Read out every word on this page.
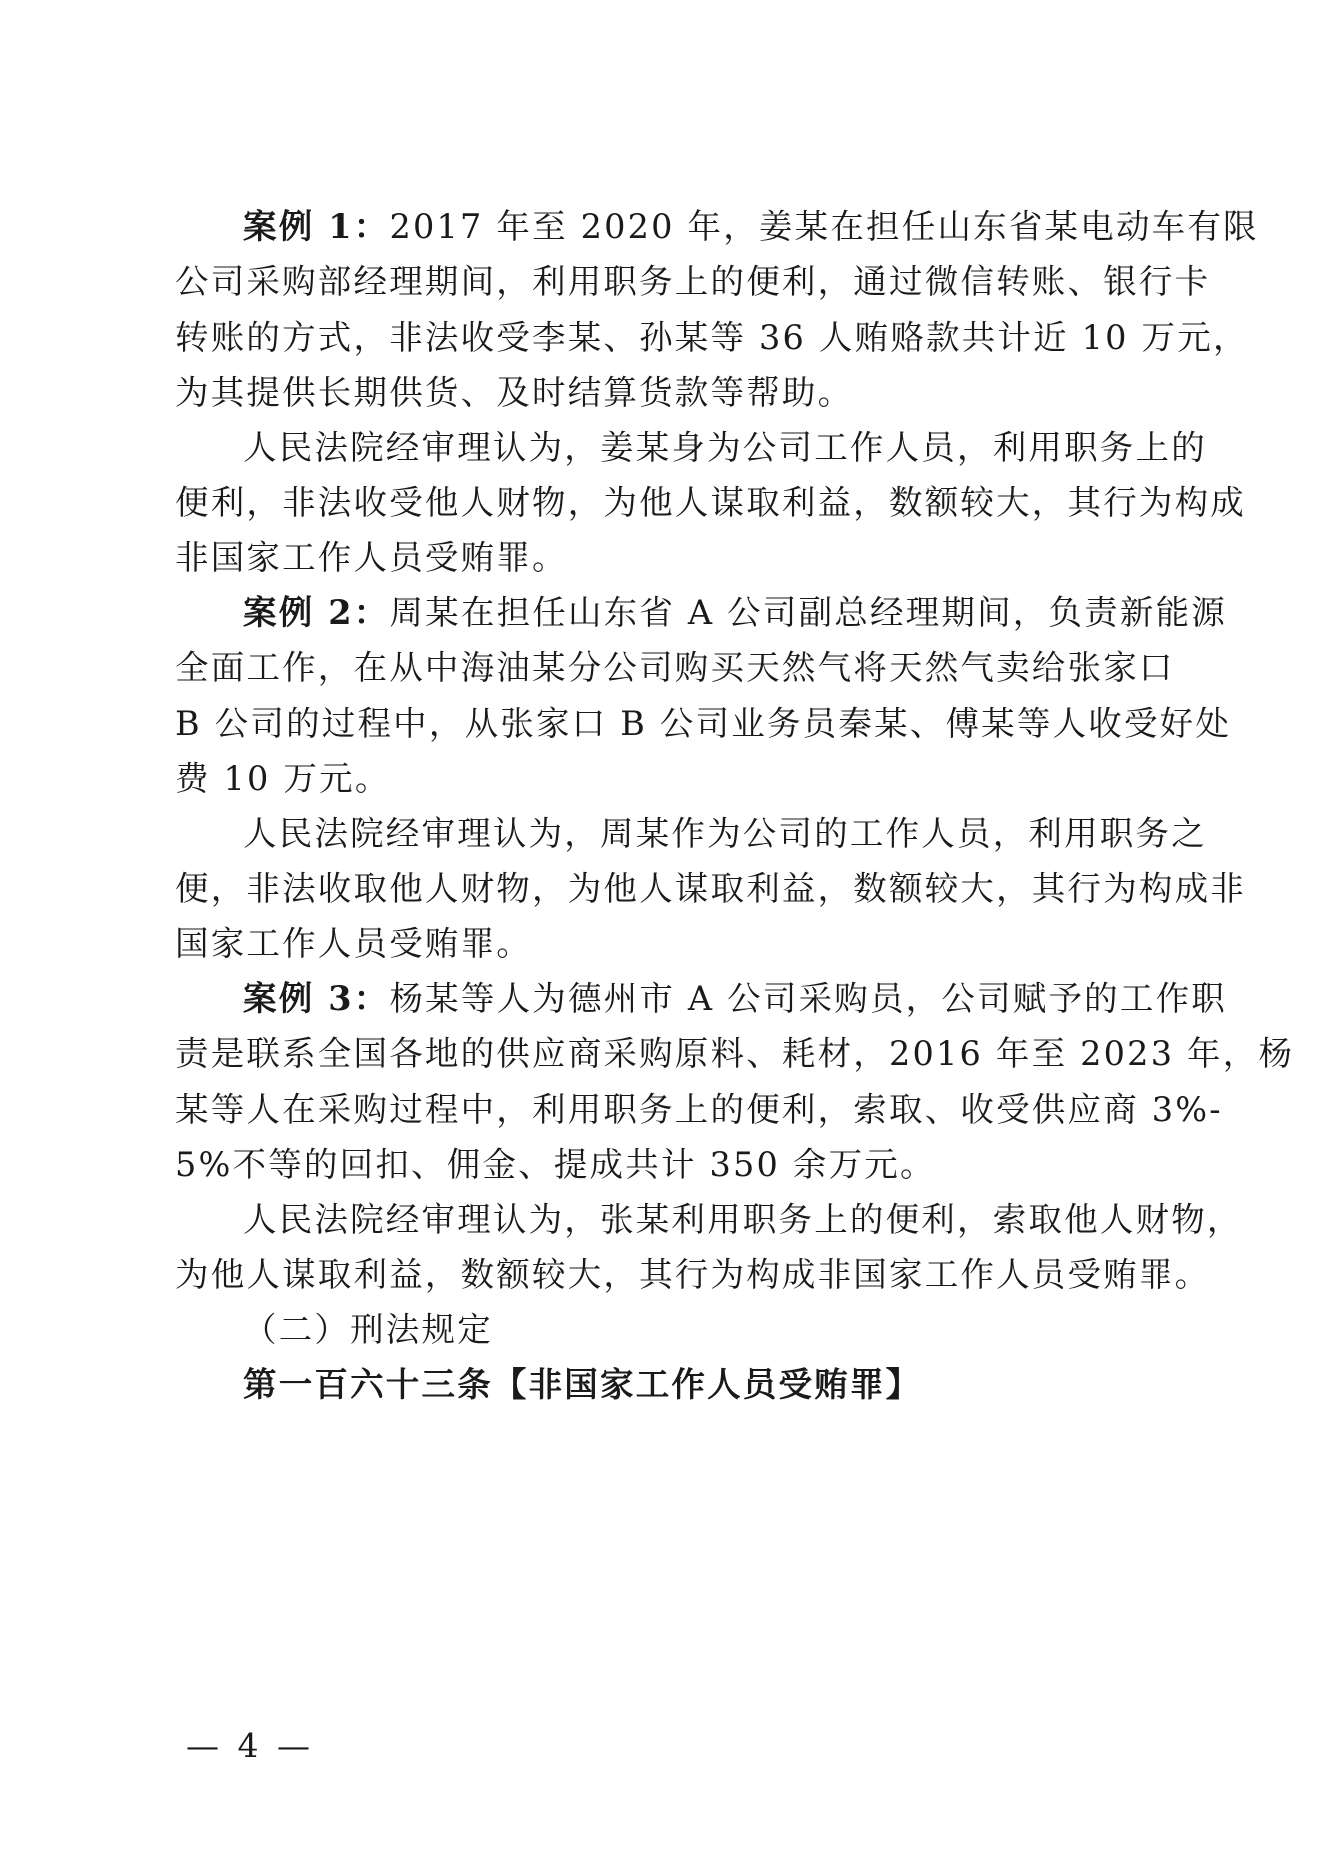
案例 1：2017 年至 2020 年，姜某在担任山东省某电动车有限
公司采购部经理期间，利用职务上的便利，通过微信转账、银行卡
转账的方式，非法收受李某、孙某等 36 人贿赂款共计近 10 万元，
为其提供长期供货、及时结算货款等帮助。
人民法院经审理认为，姜某身为公司工作人员，利用职务上的
便利，非法收受他人财物，为他人谋取利益，数额较大，其行为构成
非国家工作人员受贿罪。
案例 2：周某在担任山东省 A 公司副总经理期间，负责新能源
全面工作，在从中海油某分公司购买天然气将天然气卖给张家口
B 公司的过程中，从张家口 B 公司业务员秦某、傅某等人收受好处
费 10 万元。
人民法院经审理认为，周某作为公司的工作人员，利用职务之
便，非法收取他人财物，为他人谋取利益，数额较大，其行为构成非
国家工作人员受贿罪。
案例 3：杨某等人为德州市 A 公司采购员，公司赋予的工作职
责是联系全国各地的供应商采购原料、耗材，2016 年至 2023 年，杨
某等人在采购过程中，利用职务上的便利，索取、收受供应商 3%-
5%不等的回扣、佣金、提成共计 350 余万元。
人民法院经审理认为，张某利用职务上的便利，索取他人财物，
为他人谋取利益，数额较大，其行为构成非国家工作人员受贿罪。
（二）刑法规定
第一百六十三条【非国家工作人员受贿罪】
— 4 —
